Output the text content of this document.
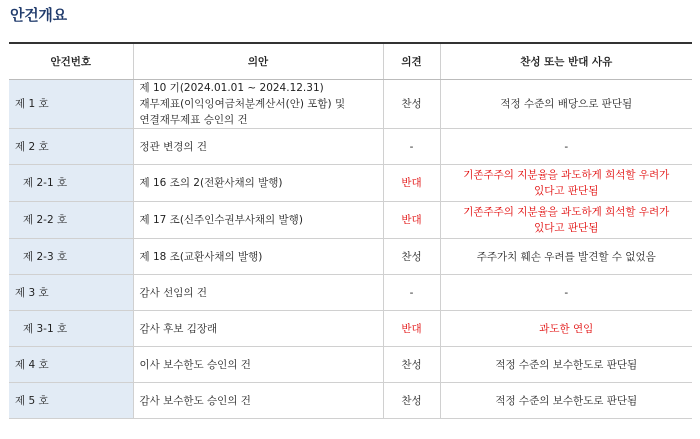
안건개요
안건번호	의안	의견	찬성 또는 반대 사유
제 1 호	제 10 기(2024.01.01 ~ 2024.12.31)
재무제표(이익잉여금처분계산서(안) 포함) 및
연결재무제표 승인의 건	찬성	적정 수준의 배당으로 판단됨

제 2 호	정관 변경의 건	-	-

제 2-1 호	제 16 조의 2(전환사채의 발행)	반대	기존주주의 지분율을 과도하게 희석할 우려가
있다고 판단됨

제 2-2 호	제 17 조(신주인수권부사채의 발행)	반대	기존주주의 지분율을 과도하게 희석할 우려가
있다고 판단됨

제 2-3 호	제 18 조(교환사채의 발행)	찬성	주주가치 훼손 우려를 발견할 수 없었음

제 3 호	감사 선임의 건	-	-

제 3-1 호	감사 후보 김장래	반대	과도한 연임

제 4 호	이사 보수한도 승인의 건	찬성	적정 수준의 보수한도로 판단됨

제 5 호	감사 보수한도 승인의 건	찬성	적정 수준의 보수한도로 판단됨
